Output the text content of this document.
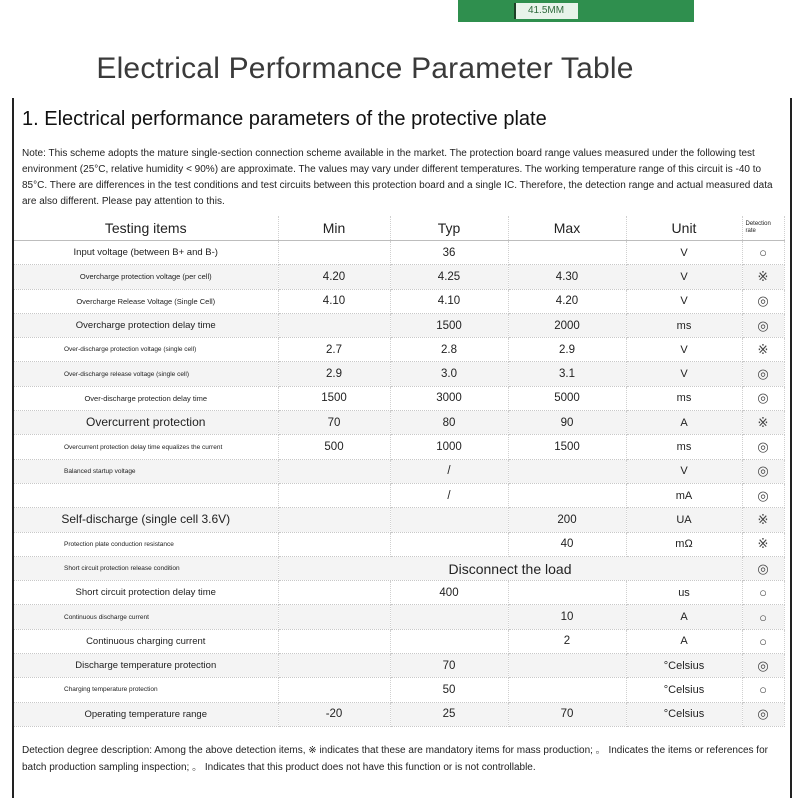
41.5MM
Electrical Performance Parameter Table
1. Electrical performance parameters of the protective plate
Note: This scheme adopts the mature single-section connection scheme available in the market. The protection board range values measured under the following test environment (25°C, relative humidity < 90%) are approximate. The values may vary under different temperatures. The working temperature range of this circuit is -40 to 85°C. There are differences in the test conditions and test circuits between this protection board and a single IC. Therefore, the detection range and actual measured data are also different. Please pay attention to this.
Testing items	Min	Typ	Max	Unit	Detection rate
Input voltage (between B+ and B-)		36		V	○
Overcharge protection voltage (per cell)	4.20	4.25	4.30	V	※
Overcharge Release Voltage (Single Cell)	4.10	4.10	4.20	V	◎
Overcharge protection delay time		1500	2000	ms	◎
Over-discharge protection voltage (single cell)	2.7	2.8	2.9	V	※
Over-discharge release voltage (single cell)	2.9	3.0	3.1	V	◎
Over-discharge protection delay time	1500	3000	5000	ms	◎
Overcurrent protection	70	80	90	A	※
Overcurrent protection delay time equalizes the current	500	1000	1500	ms	◎
Balanced startup voltage		/		V	◎
		/		mA	◎
Self-discharge (single cell 3.6V)			200	UA	※
Protection plate conduction resistance			40	mΩ	※
Short circuit protection release condition	Disconnect the load				◎
Short circuit protection delay time		400		us	○
Continuous discharge current			10	A	○
Continuous charging current			2	A	○
Discharge temperature protection		70		°Celsius	◎
Charging temperature protection		50		°Celsius	○
Operating temperature range	-20	25	70	°Celsius	◎
Detection degree description: Among the above detection items, ※ indicates that these are mandatory items for mass production; 。 Indicates the items or references for batch production sampling inspection; 。 Indicates that this product does not have this function or is not controllable.
